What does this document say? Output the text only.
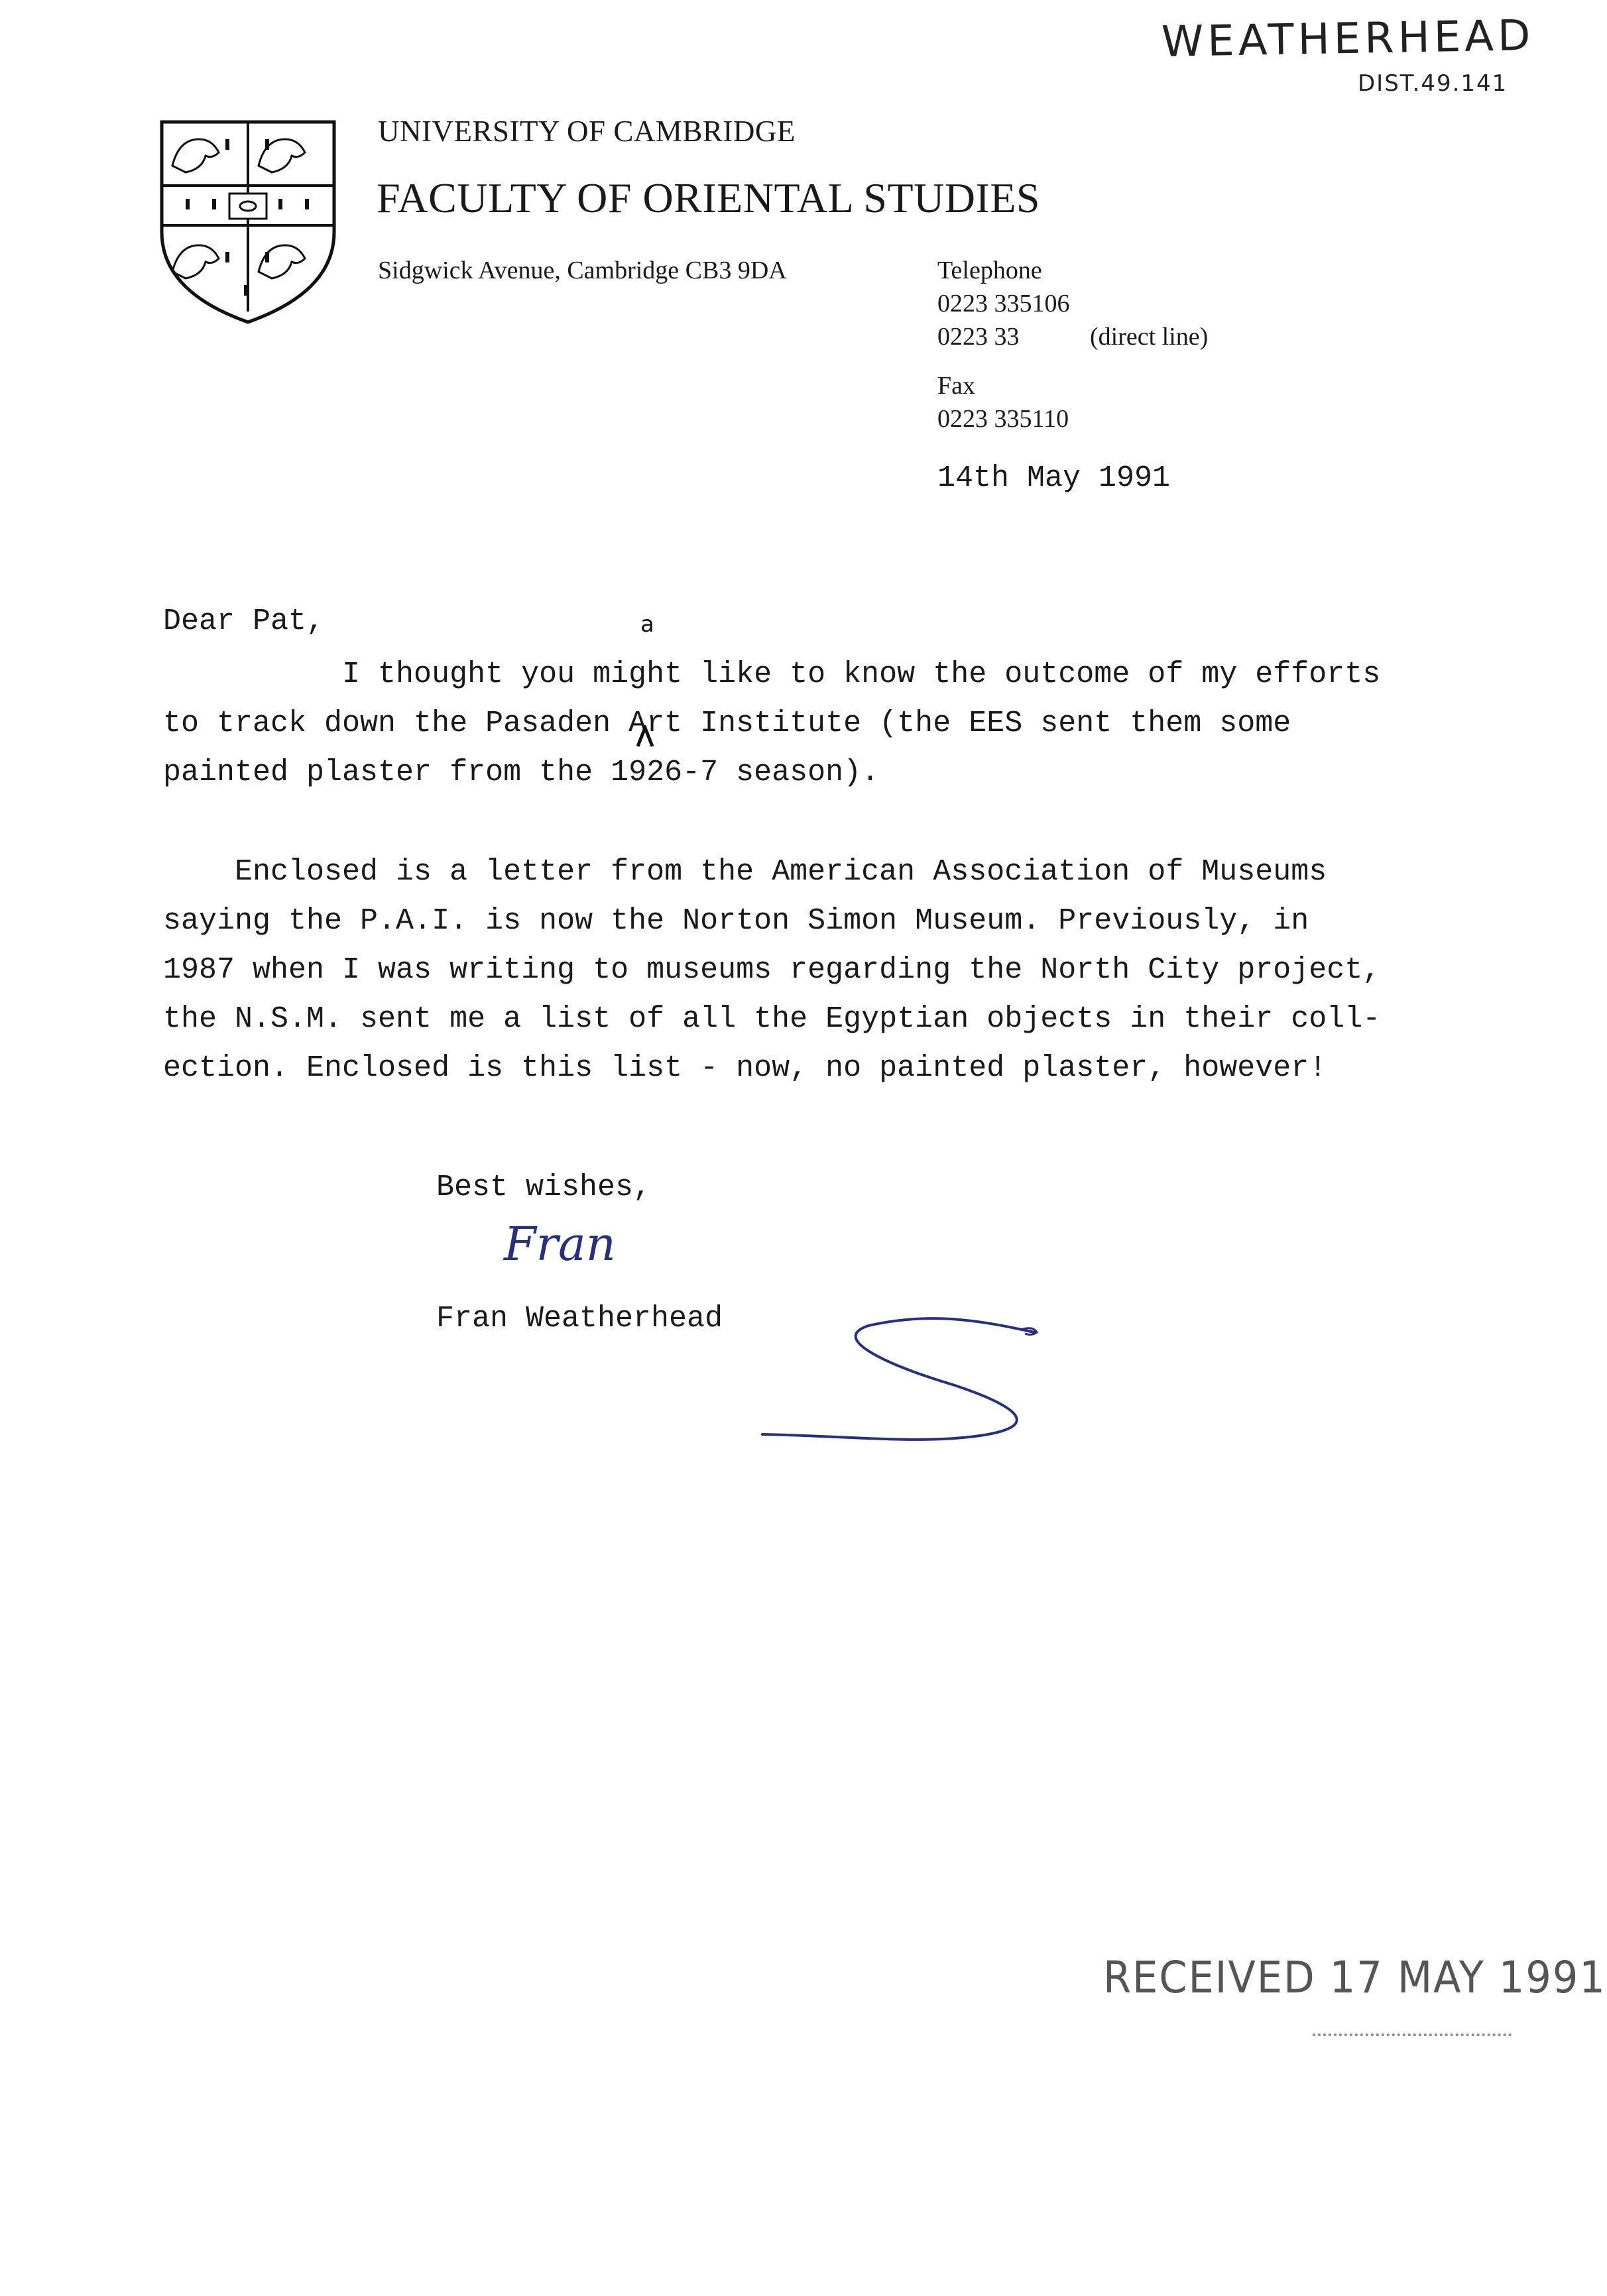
WEATHERHEAD
DIST.49.141
UNIVERSITY OF CAMBRIDGE
FACULTY OF ORIENTAL STUDIES
Sidgwick Avenue, Cambridge CB3 9DA	Telephone
0223 335106
0223 33	(direct line)
Fax
0223 335110
14th May 1991
Dear Pat,
I thought you might like to know the outcome of my efforts
to track down the Pasaden Art Institute (the EES sent them some
painted plaster from the 1926-7 season).
a
Enclosed is a letter from the American Association of Museums
saying the P.A.I. is now the Norton Simon Museum. Previously, in
1987 when I was writing to museums regarding the North City project,
the N.S.M. sent me a list of all the Egyptian objects in their coll-
ection. Enclosed is this list - now, no painted plaster, however!
Best wishes,
Fran
Fran Weatherhead
RECEIVED 17 MAY 1991
